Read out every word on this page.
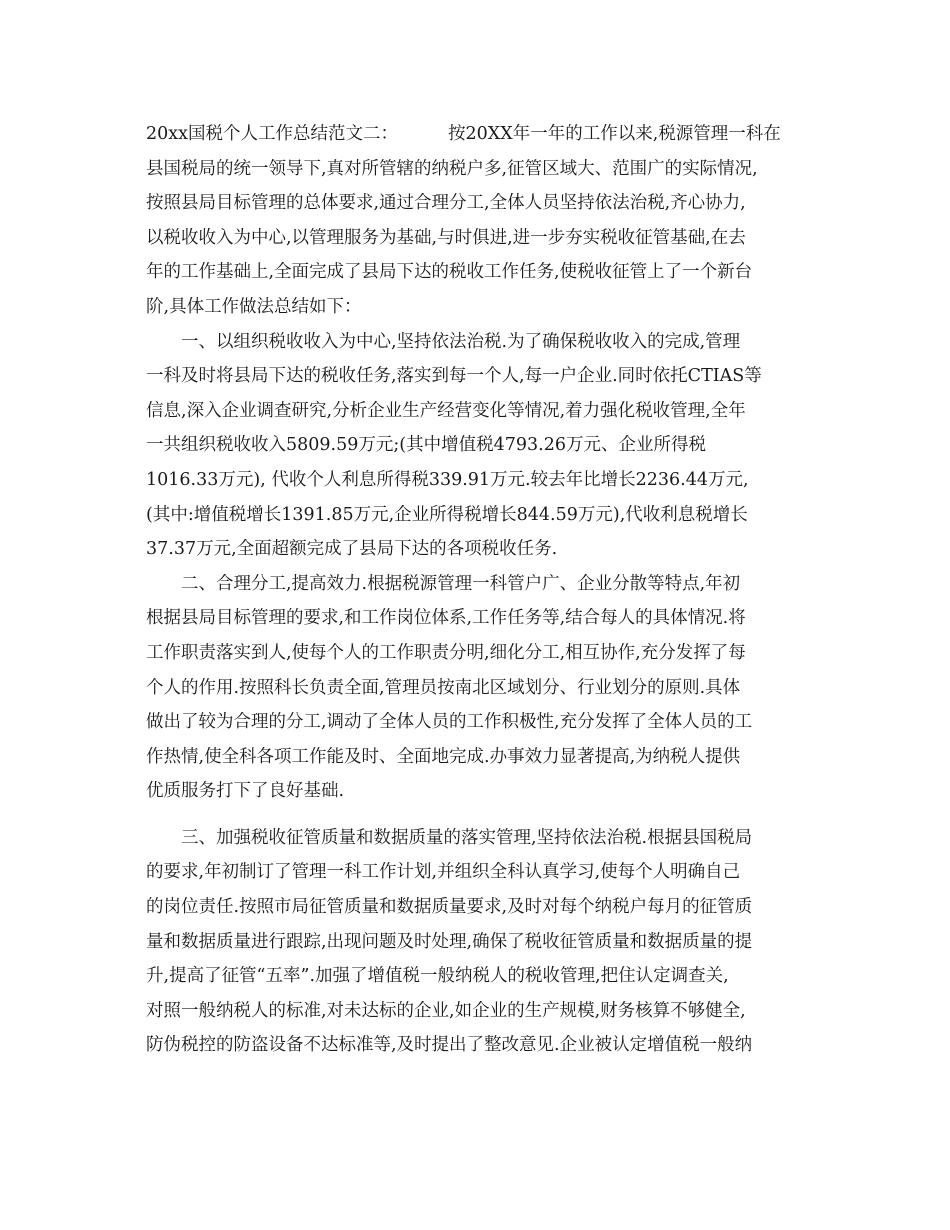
20xx国税个人工作总结范文二：	按20XX年一年的工作以来,税源管理一科在
县国税局的统一领导下,真对所管辖的纳税户多,征管区域大、范围广的实际情况,
按照县局目标管理的总体要求,通过合理分工,全体人员坚持依法治税,齐心协力,
以税收收入为中心,以管理服务为基础,与时俱进,进一步夯实税收征管基础,在去
年的工作基础上,全面完成了县局下达的税收工作任务,使税收征管上了一个新台
阶,具体工作做法总结如下：
一、以组织税收收入为中心,坚持依法治税.为了确保税收收入的完成,管理
一科及时将县局下达的税收任务,落实到每一个人,每一户企业.同时依托CTIAS等
信息,深入企业调查研究,分析企业生产经营变化等情况,着力强化税收管理,全年
一共组织税收收入5809.59万元;(其中增值税4793.26万元、企业所得税
1016.33万元), 代收个人利息所得税339.91万元.较去年比增长2236.44万元,
(其中:增值税增长1391.85万元,企业所得税增长844.59万元),代收利息税增长
37.37万元,全面超额完成了县局下达的各项税收任务.
二、合理分工,提高效力.根据税源管理一科管户广、企业分散等特点,年初
根据县局目标管理的要求,和工作岗位体系,工作任务等,结合每人的具体情况.将
工作职责落实到人,使每个人的工作职责分明,细化分工,相互协作,充分发挥了每
个人的作用.按照科长负责全面,管理员按南北区域划分、行业划分的原则.具体
做出了较为合理的分工,调动了全体人员的工作积极性,充分发挥了全体人员的工
作热情,使全科各项工作能及时、全面地完成.办事效力显著提高,为纳税人提供
优质服务打下了良好基础.
三、加强税收征管质量和数据质量的落实管理,坚持依法治税.根据县国税局
的要求,年初制订了管理一科工作计划,并组织全科认真学习,使每个人明确自己
的岗位责任.按照市局征管质量和数据质量要求,及时对每个纳税户每月的征管质
量和数据质量进行跟踪,出现问题及时处理,确保了税收征管质量和数据质量的提
升,提高了征管“五率”.加强了增值税一般纳税人的税收管理,把住认定调查关,
对照一般纳税人的标准,对未达标的企业,如企业的生产规模,财务核算不够健全,
防伪税控的防盗设备不达标准等,及时提出了整改意见.企业被认定增值税一般纳
